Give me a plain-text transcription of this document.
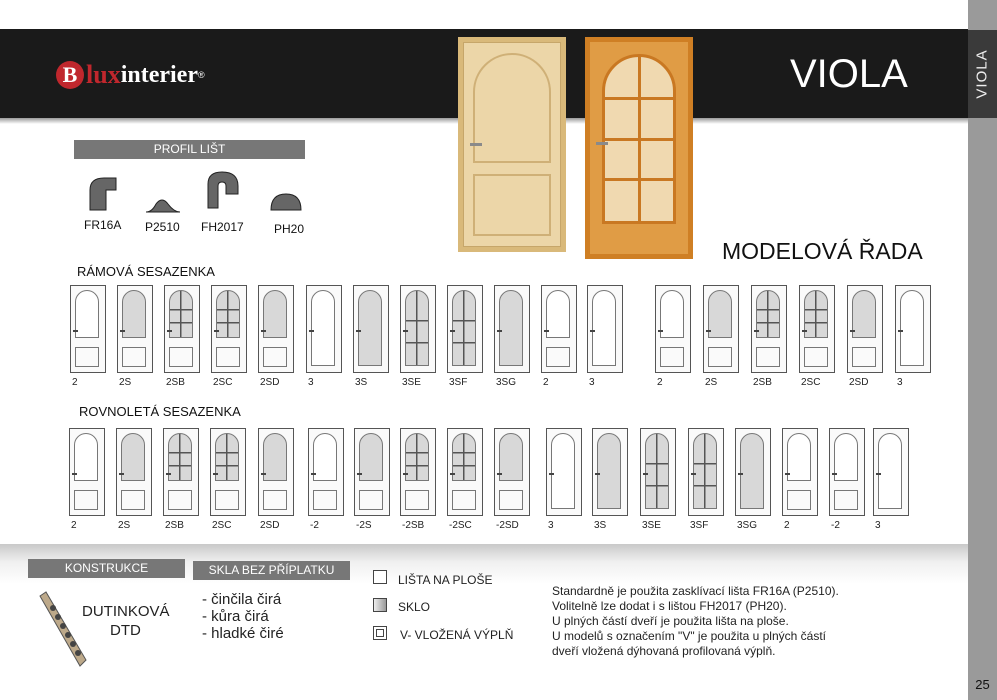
VIOLA
25
B lux interier ®	VIOLA
MODELOVÁ ŘADA
PROFIL LIŠT
FR16A P2510 FH2017	PH20
RÁMOVÁ SESAZENKA
2	2S	2SB	2SC	2SD	3	3S	3SE	3SF	3SG	2	3	2	2S	2SB	2SC	2SD	3
ROVNOLETÁ SESAZENKA
2	2S	2SB	2SC	2SD	-2	-2S	-2SB -2SC -2SD	3	3S	3SE	3SF	3SG	2	-2	3
KONSTRUKCE	SKLA BEZ PŘÍPLATKU
DUTINKOVÁ
DTD
- činčila čirá
- kůra čirá
- hladké čiré
LIŠTA NA PLOŠE
SKLO
V- VLOŽENÁ VÝPLŇ

Standardně je použita zasklívací lišta FR16A (P2510).

Volitelně lze dodat i s lištou FH2017 (PH20).

U plných částí dveří je použita lišta na ploše.

U modelů s označením "V" je použita u plných částí

dveří vložená dýhovaná profilovaná výplň.
